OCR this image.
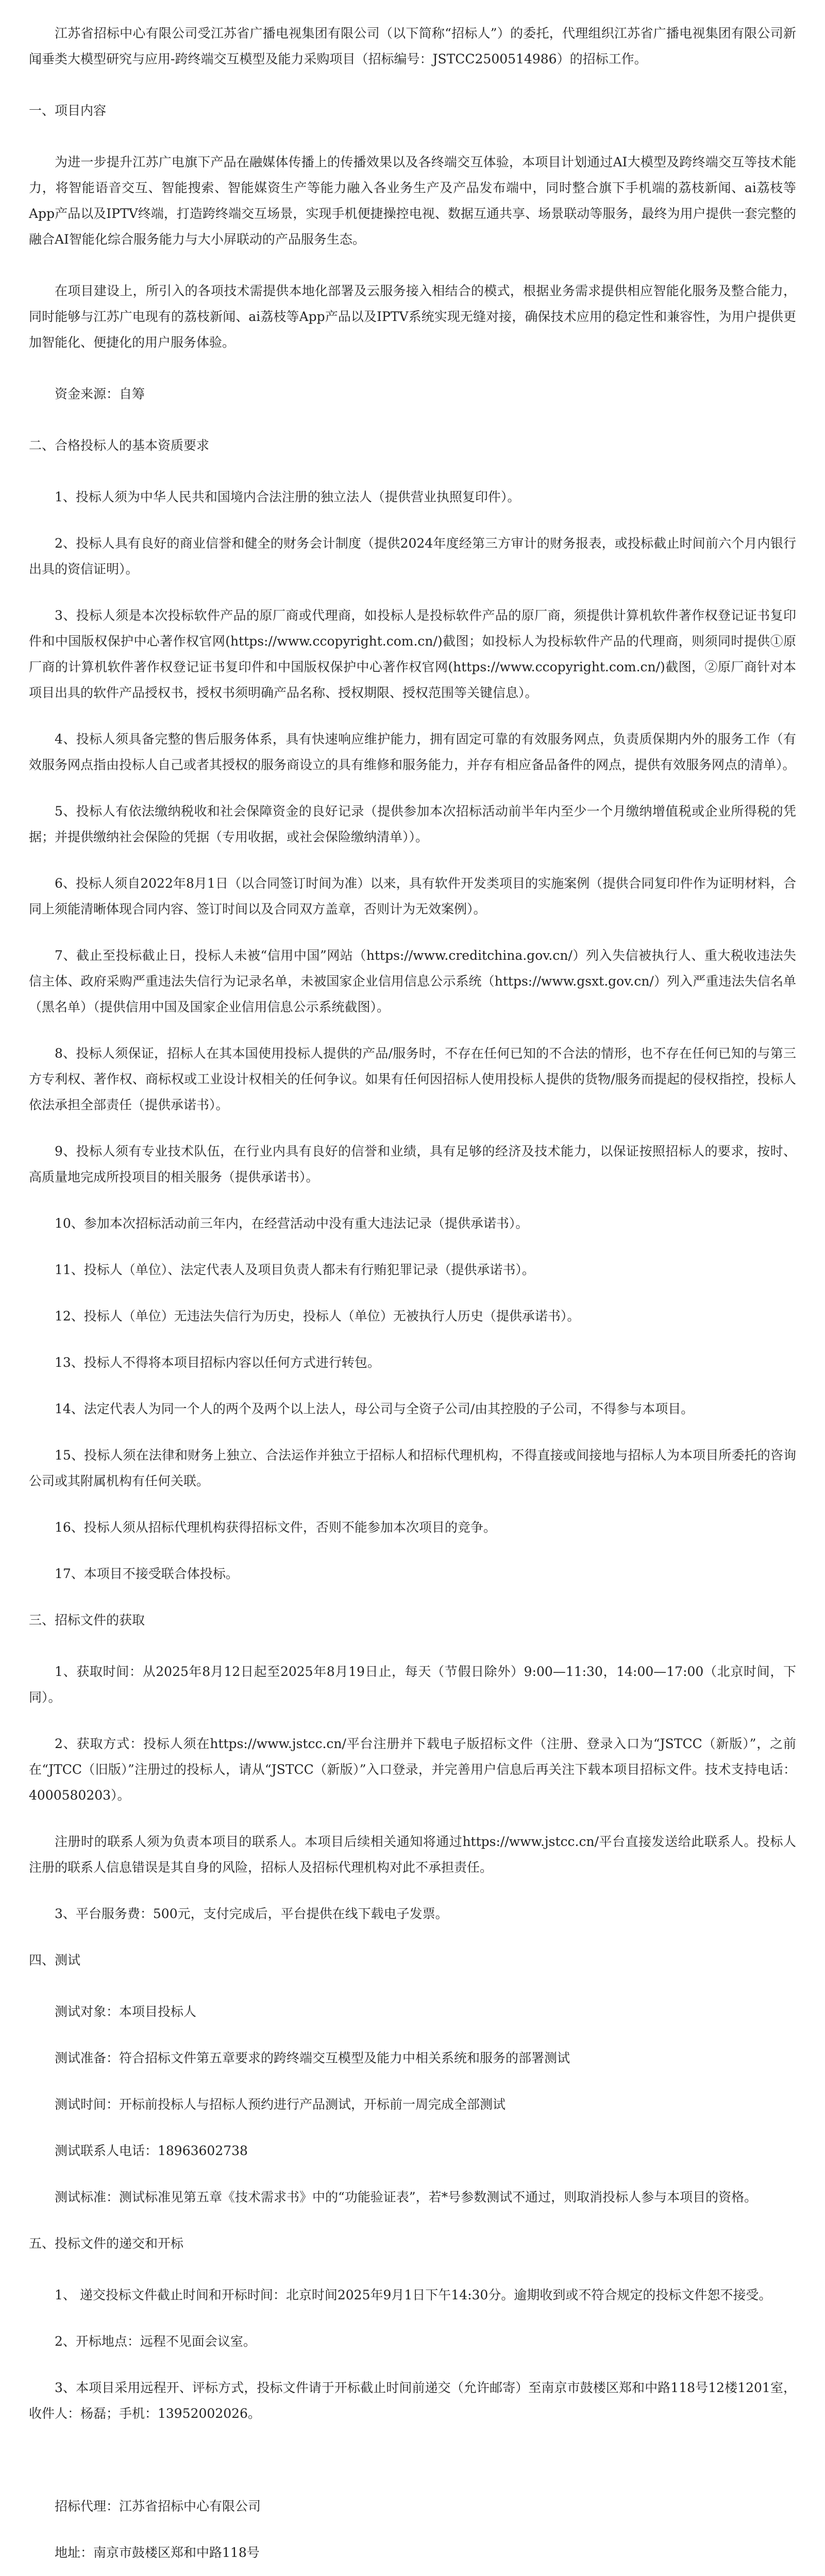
江苏省招标中心有限公司受江苏省广播电视集团有限公司（以下简称“招标人”）的委托，代理组织江苏省广播电视集团有限公司新闻垂类大模型研究与应用-跨终端交互模型及能力采购项目（招标编号：JSTCC2500514986）的招标工作。

一、项目内容

为进一步提升江苏广电旗下产品在融媒体传播上的传播效果以及各终端交互体验，本项目计划通过AI大模型及跨终端交互等技术能力，将智能语音交互、智能搜索、智能媒资生产等能力融入各业务生产及产品发布端中，同时整合旗下手机端的荔枝新闻、ai荔枝等App产品以及IPTV终端，打造跨终端交互场景，实现手机便捷操控电视、数据互通共享、场景联动等服务，最终为用户提供一套完整的融合AI智能化综合服务能力与大小屏联动的产品服务生态。

在项目建设上，所引入的各项技术需提供本地化部署及云服务接入相结合的模式，根据业务需求提供相应智能化服务及整合能力，同时能够与江苏广电现有的荔枝新闻、ai荔枝等App产品以及IPTV系统实现无缝对接，确保技术应用的稳定性和兼容性，为用户提供更加智能化、便捷化的用户服务体验。

资金来源：自筹

二、合格投标人的基本资质要求

1、投标人须为中华人民共和国境内合法注册的独立法人（提供营业执照复印件）。

2、投标人具有良好的商业信誉和健全的财务会计制度（提供2024年度经第三方审计的财务报表，或投标截止时间前六个月内银行出具的资信证明）。

3、投标人须是本次投标软件产品的原厂商或代理商，如投标人是投标软件产品的原厂商，须提供计算机软件著作权登记证书复印件和中国版权保护中心著作权官网(https://www.ccopyright.com.cn/)截图；如投标人为投标软件产品的代理商，则须同时提供①原厂商的计算机软件著作权登记证书复印件和中国版权保护中心著作权官网(https://www.ccopyright.com.cn/)截图，②原厂商针对本项目出具的软件产品授权书，授权书须明确产品名称、授权期限、授权范围等关键信息）。

4、投标人须具备完整的售后服务体系，具有快速响应维护能力，拥有固定可靠的有效服务网点，负责质保期内外的服务工作（有效服务网点指由投标人自己或者其授权的服务商设立的具有维修和服务能力，并存有相应备品备件的网点，提供有效服务网点的清单）。

5、投标人有依法缴纳税收和社会保障资金的良好记录（提供参加本次招标活动前半年内至少一个月缴纳增值税或企业所得税的凭据；并提供缴纳社会保险的凭据（专用收据，或社会保险缴纳清单））。

6、投标人须自2022年8月1日（以合同签订时间为准）以来，具有软件开发类项目的实施案例（提供合同复印件作为证明材料，合同上须能清晰体现合同内容、签订时间以及合同双方盖章，否则计为无效案例）。

7、截止至投标截止日，投标人未被“信用中国”网站（https://www.creditchina.gov.cn/）列入失信被执行人、重大税收违法失信主体、政府采购严重违法失信行为记录名单，未被国家企业信用信息公示系统（https://www.gsxt.gov.cn/）列入严重违法失信名单（黑名单）（提供信用中国及国家企业信用信息公示系统截图）。

8、投标人须保证，招标人在其本国使用投标人提供的产品/服务时，不存在任何已知的不合法的情形，也不存在任何已知的与第三方专利权、著作权、商标权或工业设计权相关的任何争议。如果有任何因招标人使用投标人提供的货物/服务而提起的侵权指控，投标人依法承担全部责任（提供承诺书）。

9、投标人须有专业技术队伍，在行业内具有良好的信誉和业绩，具有足够的经济及技术能力，以保证按照招标人的要求，按时、高质量地完成所投项目的相关服务（提供承诺书）。

10、参加本次招标活动前三年内，在经营活动中没有重大违法记录（提供承诺书）。

11、投标人（单位）、法定代表人及项目负责人都未有行贿犯罪记录（提供承诺书）。

12、投标人（单位）无违法失信行为历史，投标人（单位）无被执行人历史（提供承诺书）。

13、投标人不得将本项目招标内容以任何方式进行转包。

14、法定代表人为同一个人的两个及两个以上法人，母公司与全资子公司/由其控股的子公司，不得参与本项目。

15、投标人须在法律和财务上独立、合法运作并独立于招标人和招标代理机构，不得直接或间接地与招标人为本项目所委托的咨询公司或其附属机构有任何关联。

16、投标人须从招标代理机构获得招标文件，否则不能参加本次项目的竞争。

17、本项目不接受联合体投标。

三、招标文件的获取

1、获取时间：从2025年8月12日起至2025年8月19日止，每天（节假日除外）9:00—11:30，14:00—17:00（北京时间，下同）。

2、获取方式：投标人须在https://www.jstcc.cn/平台注册并下载电子版招标文件（注册、登录入口为“JSTCC（新版）”，之前在“JTCC（旧版）”注册过的投标人，请从“JSTCC（新版）”入口登录，并完善用户信息后再关注下载本项目招标文件。技术支持电话：4000580203）。

注册时的联系人须为负责本项目的联系人。本项目后续相关通知将通过https://www.jstcc.cn/平台直接发送给此联系人。投标人注册的联系人信息错误是其自身的风险，招标人及招标代理机构对此不承担责任。

3、平台服务费：500元，支付完成后，平台提供在线下载电子发票。

四、测试

测试对象：本项目投标人

测试准备：符合招标文件第五章要求的跨终端交互模型及能力中相关系统和服务的部署测试

测试时间：开标前投标人与招标人预约进行产品测试，开标前一周完成全部测试

测试联系人电话：18963602738

测试标准：测试标准见第五章《技术需求书》中的“功能验证表”，若*号参数测试不通过，则取消投标人参与本项目的资格。

五、投标文件的递交和开标

1、 递交投标文件截止时间和开标时间：北京时间2025年9月1日下午14:30分。逾期收到或不符合规定的投标文件恕不接受。

2、开标地点：远程不见面会议室。

3、本项目采用远程开、评标方式，投标文件请于开标截止时间前递交（允许邮寄）至南京市鼓楼区郑和中路118号12楼1201室，收件人：杨磊；手机：13952002026。

招标代理：江苏省招标中心有限公司

地址：南京市鼓楼区郑和中路118号
